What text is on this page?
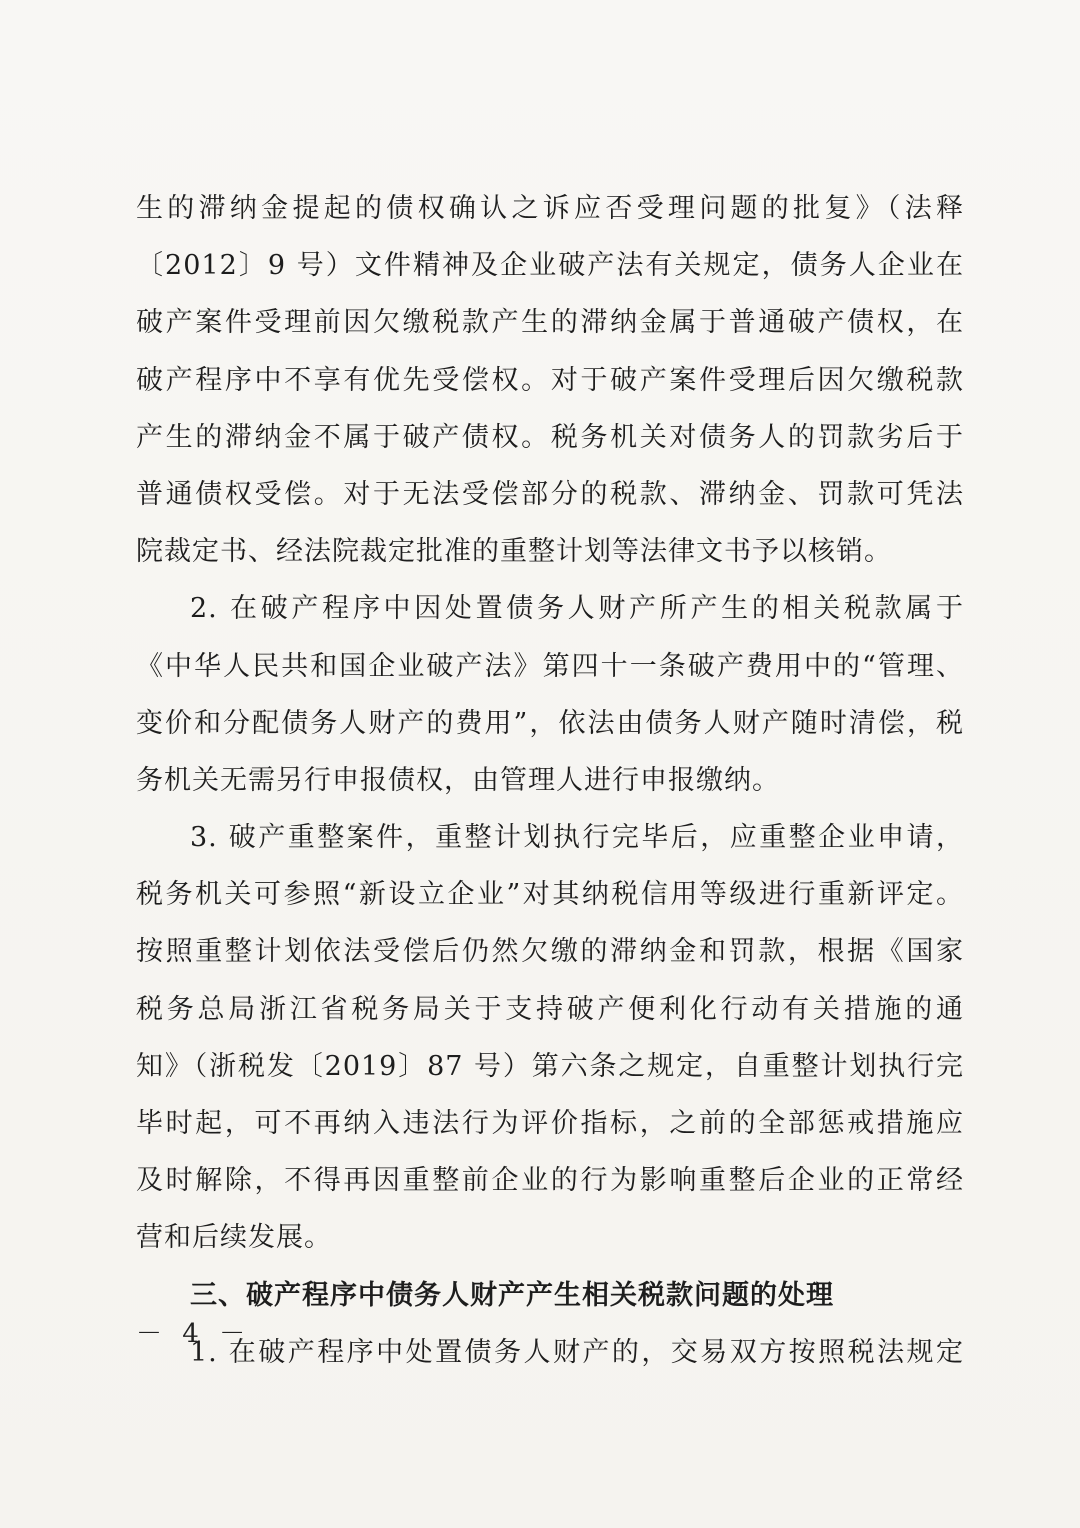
生的滞纳金提起的债权确认之诉应否受理问题的批复》（法释
〔2012〕9 号）文件精神及企业破产法有关规定，债务人企业在
破产案件受理前因欠缴税款产生的滞纳金属于普通破产债权，在
破产程序中不享有优先受偿权。对于破产案件受理后因欠缴税款
产生的滞纳金不属于破产债权。税务机关对债务人的罚款劣后于
普通债权受偿。对于无法受偿部分的税款、滞纳金、罚款可凭法
院裁定书、经法院裁定批准的重整计划等法律文书予以核销。
2. 在破产程序中因处置债务人财产所产生的相关税款属于
《中华人民共和国企业破产法》第四十一条破产费用中的“管理、
变价和分配债务人财产的费用”，依法由债务人财产随时清偿，税
务机关无需另行申报债权，由管理人进行申报缴纳。
3. 破产重整案件，重整计划执行完毕后，应重整企业申请，
税务机关可参照“新设立企业”对其纳税信用等级进行重新评定。
按照重整计划依法受偿后仍然欠缴的滞纳金和罚款，根据《国家
税务总局浙江省税务局关于支持破产便利化行动有关措施的通
知》（浙税发〔2019〕87 号）第六条之规定，自重整计划执行完
毕时起，可不再纳入违法行为评价指标，之前的全部惩戒措施应
及时解除，不得再因重整前企业的行为影响重整后企业的正常经
营和后续发展。
三、破产程序中债务人财产产生相关税款问题的处理
1. 在破产程序中处置债务人财产的，交易双方按照税法规定
－ 4 －
